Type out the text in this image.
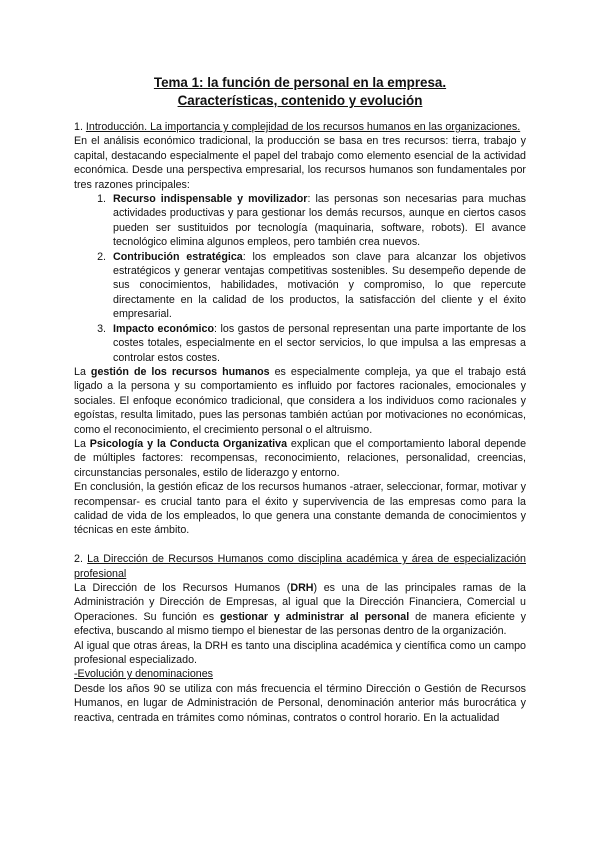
Tema 1: la función de personal en la empresa.
Características, contenido y evolución

1. Introducción. La importancia y complejidad de los recursos humanos en las organizaciones.

En el análisis económico tradicional, la producción se basa en tres recursos: tierra, trabajo y capital, destacando especialmente el papel del trabajo como elemento esencial de la actividad económica. Desde una perspectiva empresarial, los recursos humanos son fundamentales por tres razones principales:

1. Recurso indispensable y movilizador: las personas son necesarias para muchas actividades productivas y para gestionar los demás recursos, aunque en ciertos casos pueden ser sustituidos por tecnología (maquinaria, software, robots). El avance tecnológico elimina algunos empleos, pero también crea nuevos.
2. Contribución estratégica: los empleados son clave para alcanzar los objetivos estratégicos y generar ventajas competitivas sostenibles. Su desempeño depende de sus conocimientos, habilidades, motivación y compromiso, lo que repercute directamente en la calidad de los productos, la satisfacción del cliente y el éxito empresarial.
3. Impacto económico: los gastos de personal representan una parte importante de los costes totales, especialmente en el sector servicios, lo que impulsa a las empresas a controlar estos costes.

La gestión de los recursos humanos es especialmente compleja, ya que el trabajo está ligado a la persona y su comportamiento es influido por factores racionales, emocionales y sociales. El enfoque económico tradicional, que considera a los individuos como racionales y egoístas, resulta limitado, pues las personas también actúan por motivaciones no económicas, como el reconocimiento, el crecimiento personal o el altruismo.

La Psicología y la Conducta Organizativa explican que el comportamiento laboral depende de múltiples factores: recompensas, reconocimiento, relaciones, personalidad, creencias, circunstancias personales, estilo de liderazgo y entorno.

En conclusión, la gestión eficaz de los recursos humanos -atraer, seleccionar, formar, motivar y recompensar- es crucial tanto para el éxito y supervivencia de las empresas como para la calidad de vida de los empleados, lo que genera una constante demanda de conocimientos y técnicas en este ámbito.

2. La Dirección de Recursos Humanos como disciplina académica y área de especialización profesional

La Dirección de los Recursos Humanos (DRH) es una de las principales ramas de la Administración y Dirección de Empresas, al igual que la Dirección Financiera, Comercial u Operaciones. Su función es gestionar y administrar al personal de manera eficiente y efectiva, buscando al mismo tiempo el bienestar de las personas dentro de la organización.

Al igual que otras áreas, la DRH es tanto una disciplina académica y científica como un campo profesional especializado.

-Evolución y denominaciones

Desde los años 90 se utiliza con más frecuencia el término Dirección o Gestión de Recursos Humanos, en lugar de Administración de Personal, denominación anterior más burocrática y reactiva, centrada en trámites como nóminas, contratos o control horario. En la actualidad
